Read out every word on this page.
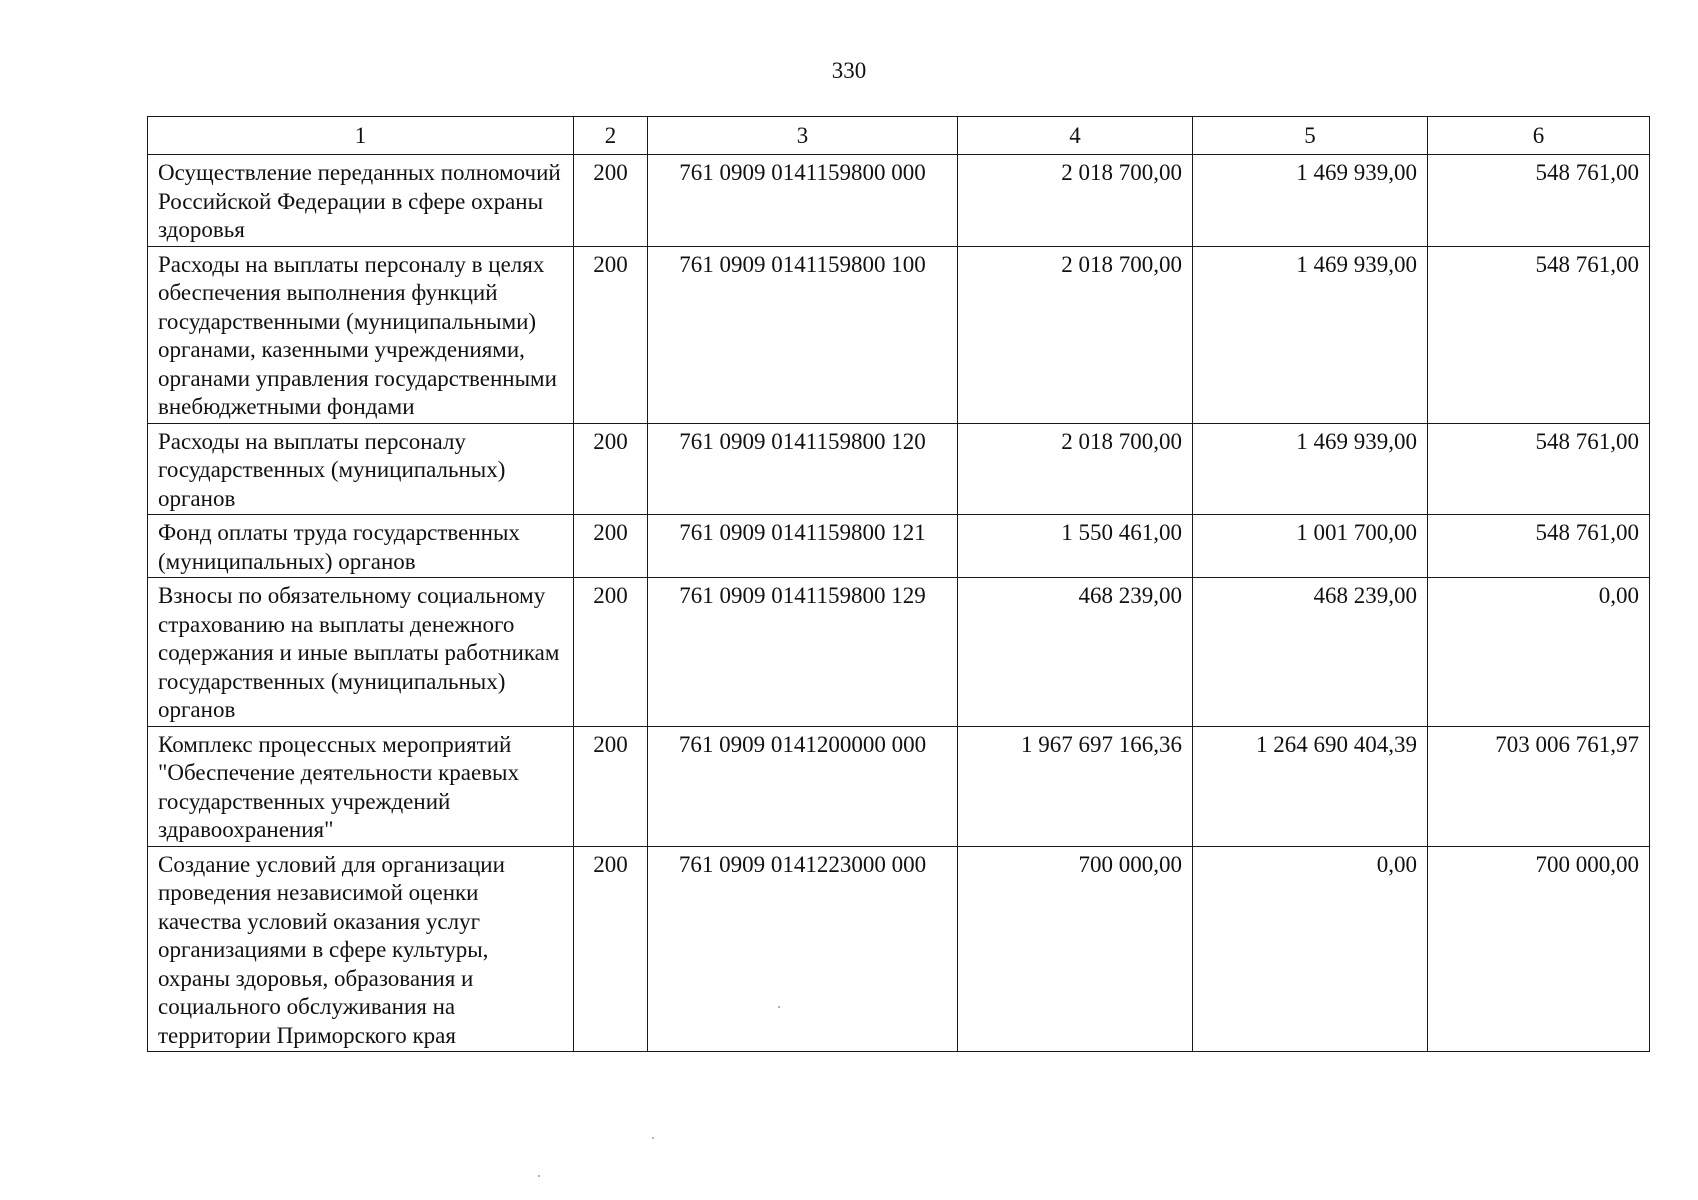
330
1	2	3	4	5	6
Осуществление переданных полномочий Российской Федерации в сфере охраны здоровья	200	761 0909 0141159800 000	2 018 700,00	1 469 939,00	548 761,00
Расходы на выплаты персоналу в целях обеспечения выполнения функций государственными (муниципальными) органами, казенными учреждениями, органами управления государственными внебюджетными фондами	200	761 0909 0141159800 100	2 018 700,00	1 469 939,00	548 761,00
Расходы на выплаты персоналу государственных (муниципальных) органов	200	761 0909 0141159800 120	2 018 700,00	1 469 939,00	548 761,00
Фонд оплаты труда государственных (муниципальных) органов	200	761 0909 0141159800 121	1 550 461,00	1 001 700,00	548 761,00
Взносы по обязательному социальному страхованию на выплаты денежного содержания и иные выплаты работникам государственных (муниципальных) органов	200	761 0909 0141159800 129	468 239,00	468 239,00	0,00
Комплекс процессных мероприятий "Обеспечение деятельности краевых государственных учреждений здравоохранения"	200	761 0909 0141200000 000	1 967 697 166,36	1 264 690 404,39	703 006 761,97
Создание условий для организации проведения независимой оценки качества условий оказания услуг организациями в сфере культуры, охраны здоровья, образования и социального обслуживания на территории Приморского края	200	761 0909 0141223000 000	700 000,00	0,00	700 000,00
